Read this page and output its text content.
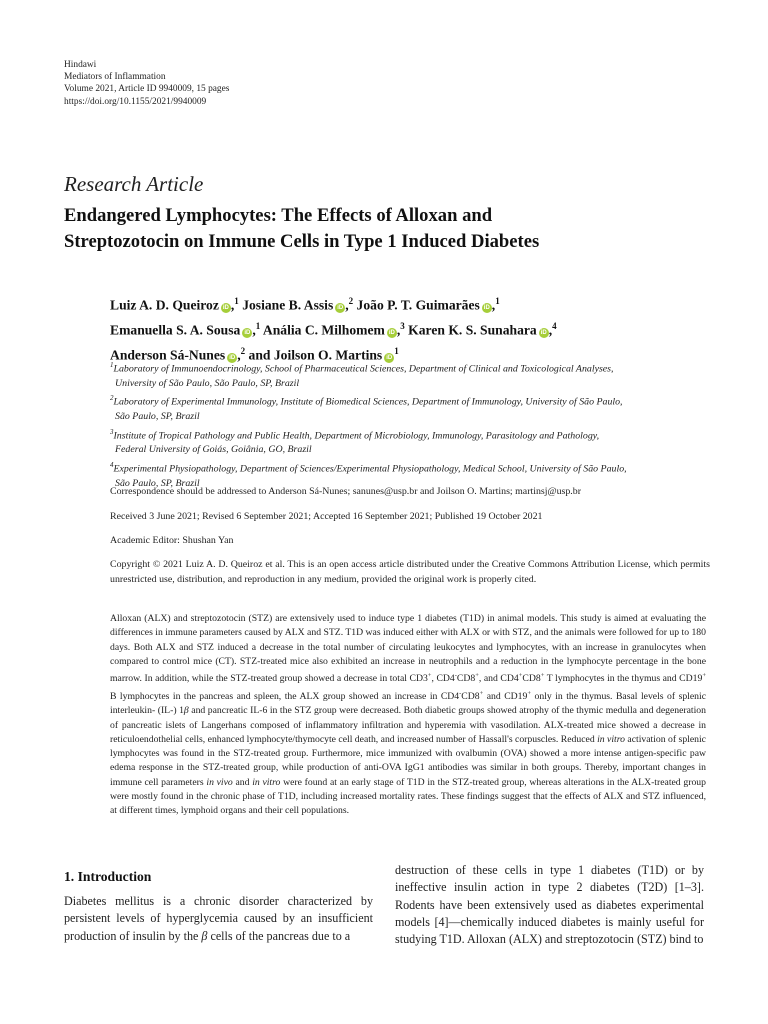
Hindawi
Mediators of Inflammation
Volume 2021, Article ID 9940009, 15 pages
https://doi.org/10.1155/2021/9940009
Research Article
Endangered Lymphocytes: The Effects of Alloxan and
Streptozotocin on Immune Cells in Type 1 Induced Diabetes
Luiz A. D. Queiroz iD ,$^1$ Josiane B. Assis iD ,$^2$ João P. T. Guimarães iD ,$^1$
Emanuella S. A. Sousa iD ,$^1$ Anália C. Milhomem iD ,$^3$ Karen K. S. Sunahara iD ,$^4$
Anderson Sá-Nunes iD ,$^2$ and Joilson O. Martins $iD^1$
$^1$Laboratory of Immunoendocrinology, School of Pharmaceutical Sciences, Department of Clinical and Toxicological Analyses,
University of São Paulo, São Paulo, SP, Brazil
$^2$Laboratory of Experimental Immunology, Institute of Biomedical Sciences, Department of Immunology, University of São Paulo,
São Paulo, SP, Brazil
$^3$Institute of Tropical Pathology and Public Health, Department of Microbiology, Immunology, Parasitology and Pathology,
Federal University of Goiás, Goiânia, GO, Brazil
$^4$Experimental Physiopathology, Department of Sciences/Experimental Physiopathology, Medical School, University of São Paulo,
São Paulo, SP, Brazil
Correspondence should be addressed to Anderson Sá-Nunes; sanunes@usp.br and Joilson O. Martins; martinsj@usp.br
Received 3 June 2021; Revised 6 September 2021; Accepted 16 September 2021; Published 19 October 2021
Academic Editor: Shushan Yan
Copyright © 2021 Luiz A. D. Queiroz et al. This is an open access article distributed under the Creative Commons Attribution License, which permits unrestricted use, distribution, and reproduction in any medium, provided the original work is properly cited.
Alloxan (ALX) and streptozotocin (STZ) are extensively used to induce type 1 diabetes (T1D) in animal models. This study is aimed at evaluating the differences in immune parameters caused by ALX and STZ. T1D was induced either with ALX or with STZ, and the animals were followed for up to 180 days. Both ALX and STZ induced a decrease in the total number of circulating leukocytes and lymphocytes, with an increase in granulocytes when compared to control mice (CT). STZ-treated mice also exhibited an increase in neutrophils and a reduction in the lymphocyte percentage in the bone marrow. In addition, while the STZ-treated group showed a decrease in total CD3+, CD4-CD8+, and CD4+CD8+ T lymphocytes in the thymus and CD19+ B lymphocytes in the pancreas and spleen, the ALX group showed an increase in CD4-CD8+ and CD19+ only in the thymus. Basal levels of splenic interleukin- (IL-) 1β and pancreatic IL-6 in the STZ group were decreased. Both diabetic groups showed atrophy of the thymic medulla and degeneration of pancreatic islets of Langerhans composed of inflammatory infiltration and hyperemia with vasodilation. ALX-treated mice showed a decrease in reticuloendothelial cells, enhanced lymphocyte/thymocyte cell death, and increased number of Hassall's corpuscles. Reduced in vitro activation of splenic lymphocytes was found in the STZ-treated group. Furthermore, mice immunized with ovalbumin (OVA) showed a more intense antigen-specific paw edema response in the STZ-treated group, while production of anti-OVA IgG1 antibodies was similar in both groups. Thereby, important changes in immune cell parameters in vivo and in vitro were found at an early stage of T1D in the STZ-treated group, whereas alterations in the ALX-treated group were mostly found in the chronic phase of T1D, including increased mortality rates. These findings suggest that the effects of ALX and STZ influenced, at different times, lymphoid organs and their cell populations.
1. Introduction
Diabetes mellitus is a chronic disorder characterized by persistent levels of hyperglycemia caused by an insufficient production of insulin by the β cells of the pancreas due to a
destruction of these cells in type 1 diabetes (T1D) or by ineffective insulin action in type 2 diabetes (T2D) [1–3]. Rodents have been extensively used as diabetes experimental models [4]—chemically induced diabetes is mainly useful for studying T1D. Alloxan (ALX) and streptozotocin (STZ) bind to
